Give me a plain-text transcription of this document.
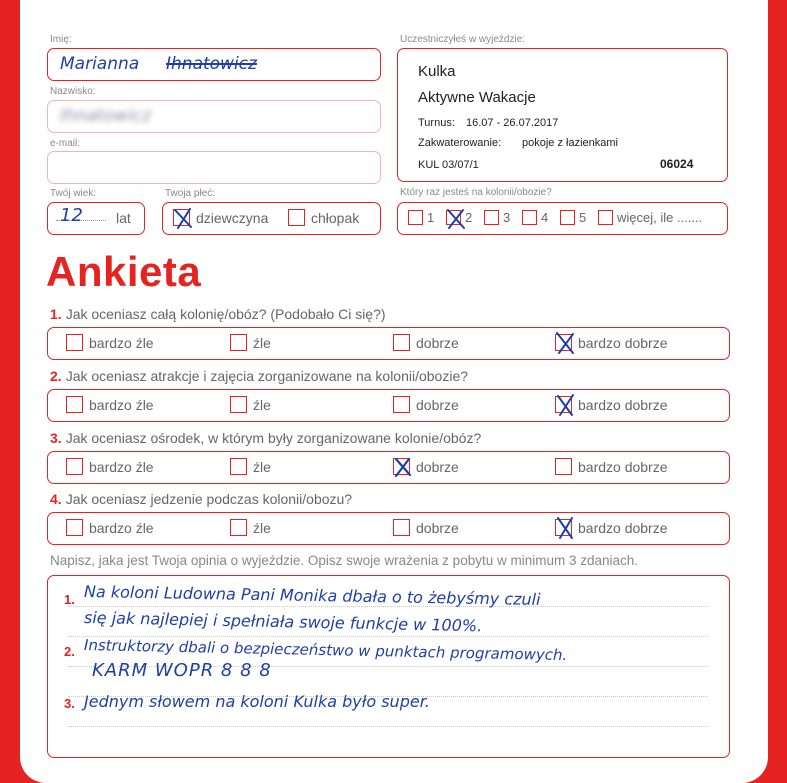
Imię:
Marianna Ihnatowicz
Nazwisko:
Ihnatowicz
e-mail:
Twój wiek:
12 lat
Twoja płeć:
dziewczyna	chłopak
Uczestniczyłeś w wyjeździe:
Kulka
Aktywne Wakacje
Turnus: 16.07 - 26.07.2017
Zakwaterowanie: pokoje z łazienkami
KUL 03/07/1	06024
Który raz jesteś na kolonii/obozie?
1 2 3 4 5 więcej, ile .......
Ankieta
1. Jak oceniasz całą kolonię/obóz? (Podobało Ci się?)
bardzo źle	źle	dobrze	bardzo dobrze
2. Jak oceniasz atrakcje i zajęcia zorganizowane na kolonii/obozie?
bardzo źle	źle	dobrze	bardzo dobrze
3. Jak oceniasz ośrodek, w którym były zorganizowane kolonie/obóz?
bardzo źle	źle	dobrze	bardzo dobrze
4. Jak oceniasz jedzenie podczas kolonii/obozu?
bardzo źle	źle	dobrze	bardzo dobrze
Napisz, jaka jest Twoja opinia o wyjeździe. Opisz swoje wrażenia z pobytu w minimum 3 zdaniach.
1.
2.
3.
Na koloni Ludowna Pani Monika dbała o to żebyśmy czuli
się jak najlepiej i spełniała swoje funkcje w 100%.
Instruktorzy dbali o bezpieczeństwo w punktach programowych.
KARM WOPR 8 8 8
Jednym słowem na koloni Kulka było super.
